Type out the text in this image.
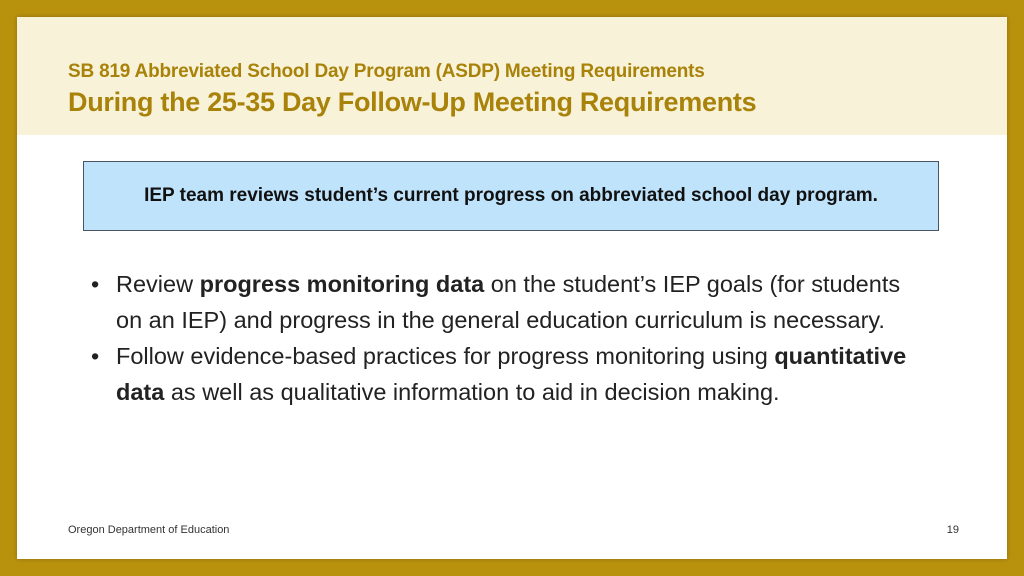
SB 819 Abbreviated School Day Program (ASDP) Meeting Requirements
During the 25-35 Day Follow-Up Meeting Requirements
IEP team reviews student’s current progress on abbreviated school day program.
• Review progress monitoring data on the student’s IEP goals (for students on an IEP) and progress in the general education curriculum is necessary.
• Follow evidence-based practices for progress monitoring using quantitative data as well as qualitative information to aid in decision making.
Oregon Department of Education	19
